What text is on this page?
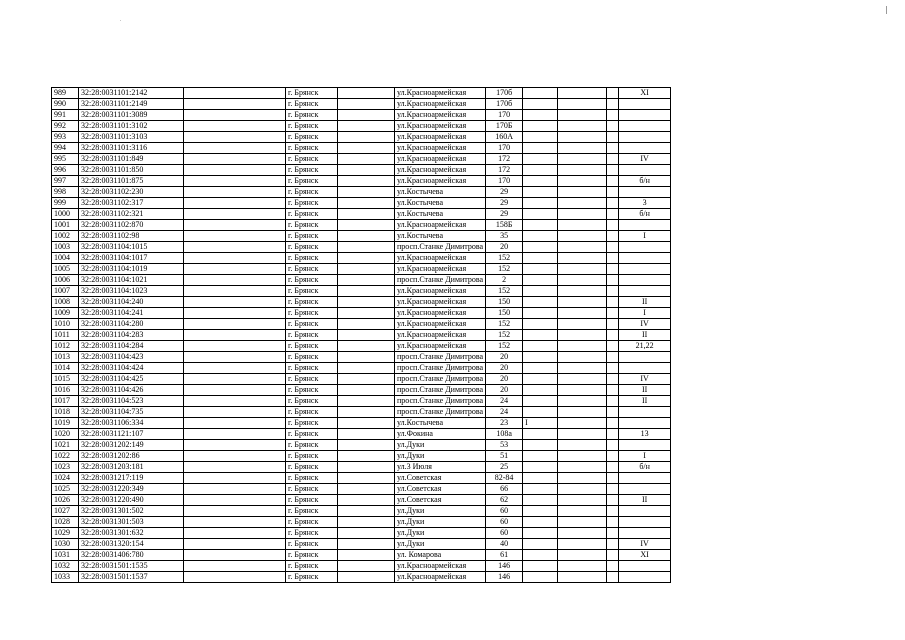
989	32:28:0031101:2142		г. Брянск		ул.Красноармейская	170б				XI
990	32:28:0031101:2149		г. Брянск		ул.Красноармейская	170б				
991	32:28:0031101:3089		г. Брянск		ул.Красноармейская	170				
992	32:28:0031101:3102		г. Брянск		ул.Красноармейская	170Б				
993	32:28:0031101:3103		г. Брянск		ул.Красноармейская	160А				
994	32:28:0031101:3116		г. Брянск		ул.Красноармейская	170				
995	32:28:0031101:849		г. Брянск		ул.Красноармейская	172				IV
996	32:28:0031101:850		г. Брянск		ул.Красноармейская	172				
997	32:28:0031101:875		г. Брянск		ул.Красноармейская	170				б/н
998	32:28:0031102:230		г. Брянск		ул.Костычева	29				
999	32:28:0031102:317		г. Брянск		ул.Костычева	29				3
1000	32:28:0031102:321		г. Брянск		ул.Костычева	29				б/н
1001	32:28:0031102:870		г. Брянск		ул.Красноармейская	158Б				
1002	32:28:0031102:98		г. Брянск		ул.Костычева	35				I
1003	32:28:0031104:1015		г. Брянск		просп.Станке Димитрова	20				
1004	32:28:0031104:1017		г. Брянск		ул.Красноармейская	152				
1005	32:28:0031104:1019		г. Брянск		ул.Красноармейская	152				
1006	32:28:0031104:1021		г. Брянск		просп.Станке Димитрова	2				
1007	32:28:0031104:1023		г. Брянск		ул.Красноармейская	152				
1008	32:28:0031104:240		г. Брянск		ул.Красноармейская	150				II
1009	32:28:0031104:241		г. Брянск		ул.Красноармейская	150				I
1010	32:28:0031104:280		г. Брянск		ул.Красноармейская	152				IV
1011	32:28:0031104:283		г. Брянск		ул.Красноармейская	152				II
1012	32:28:0031104:284		г. Брянск		ул.Красноармейская	152				21,22
1013	32:28:0031104:423		г. Брянск		просп.Станке Димитрова	20				
1014	32:28:0031104:424		г. Брянск		просп.Станке Димитрова	20				
1015	32:28:0031104:425		г. Брянск		просп.Станке Димитрова	20				IV
1016	32:28:0031104:426		г. Брянск		просп.Станке Димитрова	20				II
1017	32:28:0031104:523		г. Брянск		просп.Станке Димитрова	24				II
1018	32:28:0031104:735		г. Брянск		просп.Станке Димитрова	24				
1019	32:28:0031106:334		г. Брянск		ул.Костычева	23	I			
1020	32:28:0031121:107		г. Брянск		ул.Фокина	108а				13
1021	32:28:0031202:149		г. Брянск		ул.Дуки	53				
1022	32:28:0031202:86		г. Брянск		ул.Дуки	51				I
1023	32:28:0031203:181		г. Брянск		ул.3 Июля	25				б/н
1024	32:28:0031217:119		г. Брянск		ул.Советская	82-84				
1025	32:28:0031220:349		г. Брянск		ул.Советская	66				
1026	32:28:0031220:490		г. Брянск		ул.Советская	62				II
1027	32:28:0031301:502		г. Брянск		ул.Дуки	60				
1028	32:28:0031301:503		г. Брянск		ул.Дуки	60				
1029	32:28:0031301:632		г. Брянск		ул.Дуки	60				
1030	32:28:0031320:154		г. Брянск		ул.Дуки	40				IV
1031	32:28:0031406:780		г. Брянск		ул. Комарова	61				XI
1032	32:28:0031501:1535		г. Брянск		ул.Красноармейская	146				
1033	32:28:0031501:1537		г. Брянск		ул.Красноармейская	146				
